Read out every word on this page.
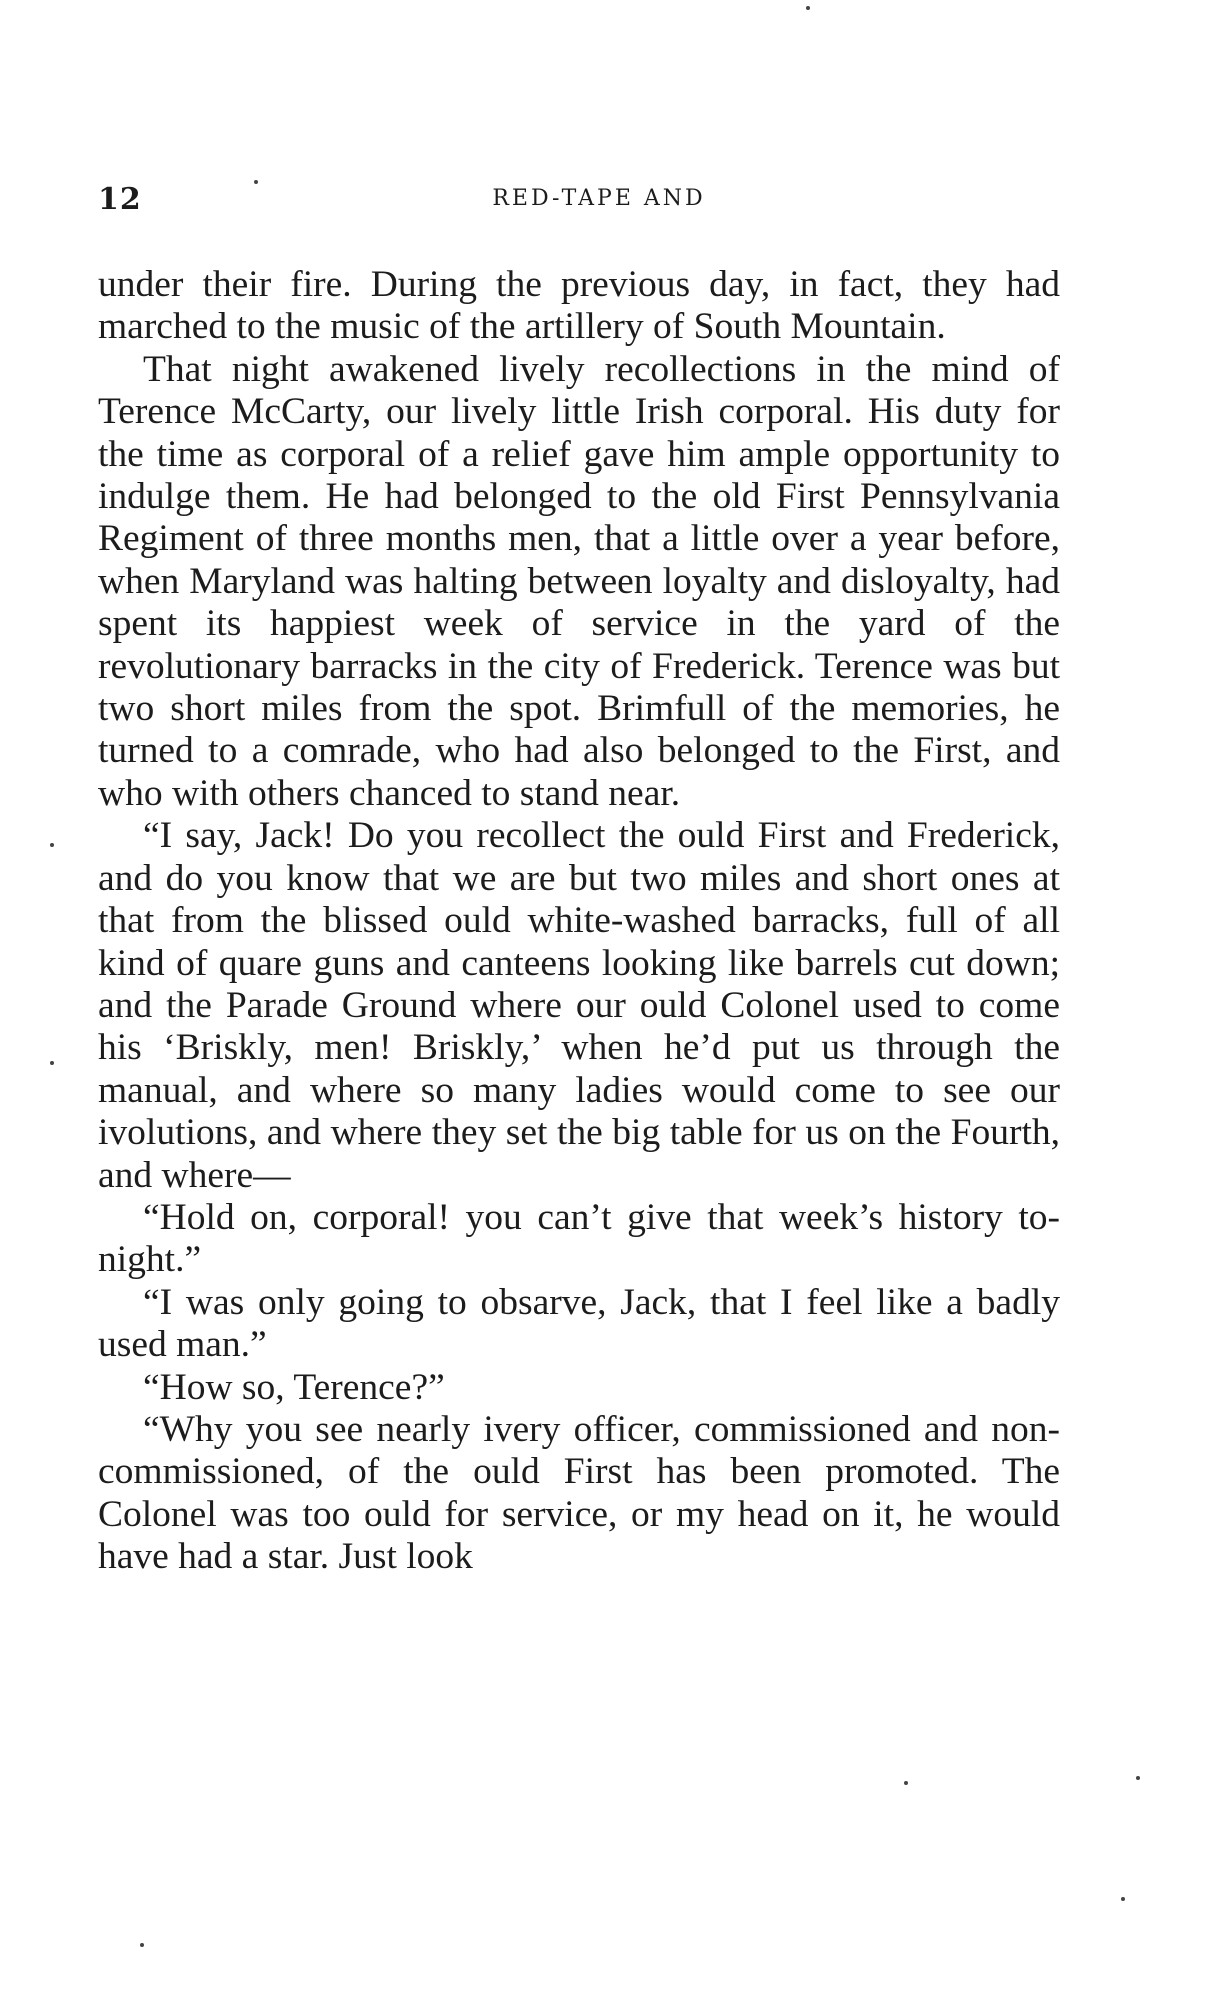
12	RED-TAPE AND

under their fire. During the previous day, in fact, they had marched to the music of the artillery of South Mountain.

That night awakened lively recollections in the mind of Terence McCarty, our lively little Irish corporal. His duty for the time as corporal of a relief gave him ample opportunity to indulge them. He had belonged to the old First Pennsylvania Regiment of three months men, that a little over a year before, when Maryland was halting between loyalty and disloyalty, had spent its happiest week of service in the yard of the revolutionary barracks in the city of Frederick. Terence was but two short miles from the spot. Brimfull of the memories, he turned to a comrade, who had also belonged to the First, and who with others chanced to stand near.

“I say, Jack! Do you recollect the ould First and Frederick, and do you know that we are but two miles and short ones at that from the blissed ould white-washed barracks, full of all kind of quare guns and canteens looking like barrels cut down; and the Parade Ground where our ould Colonel used to come his ‘Briskly, men! Briskly,’ when he’d put us through the manual, and where so many ladies would come to see our ivolutions, and where they set the big table for us on the Fourth, and where—

“Hold on, corporal! you can’t give that week’s history to-night.”

“I was only going to obsarve, Jack, that I feel like a badly used man.”

“How so, Terence?”

“Why you see nearly ivery officer, commissioned and non-commissioned, of the ould First has been promoted. The Colonel was too ould for service, or my head on it, he would have had a star. Just look
